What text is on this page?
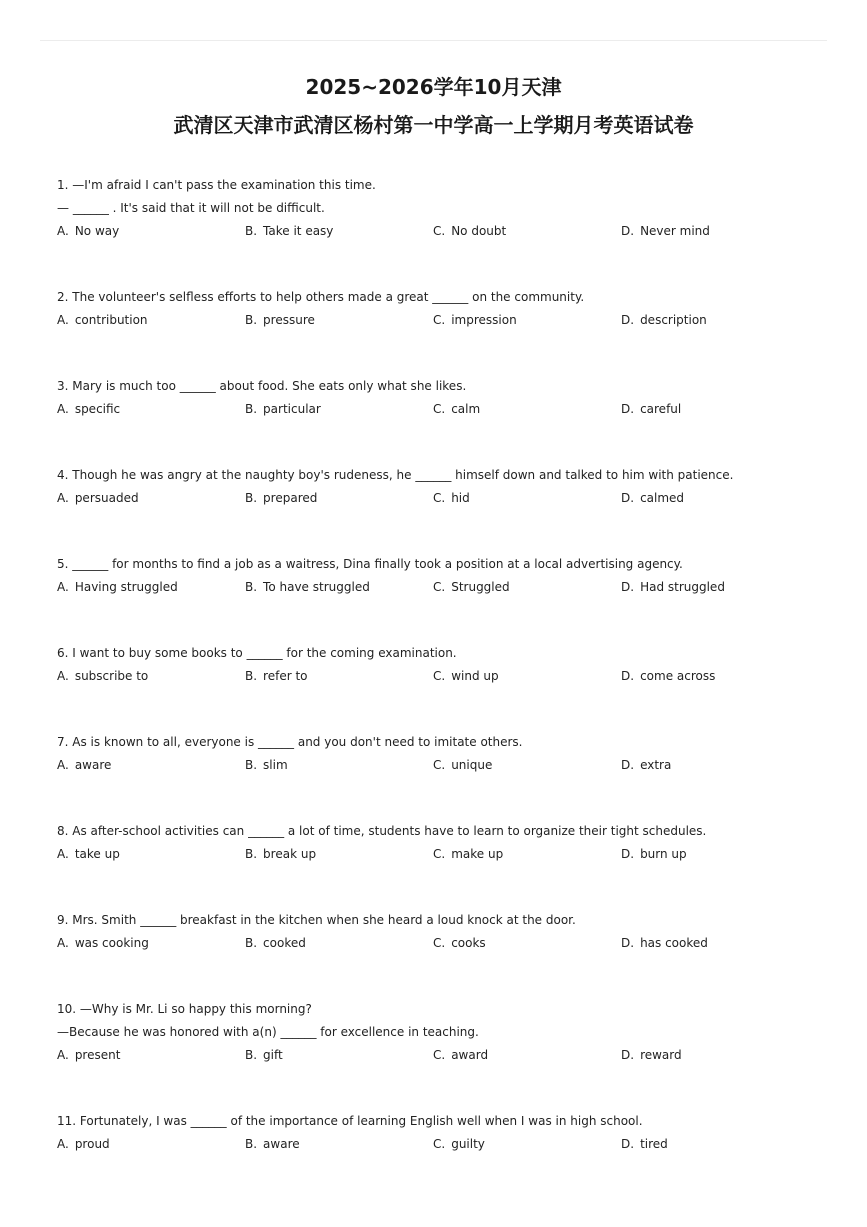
2025~2026学年10月天津
武清区天津市武清区杨村第一中学高一上学期月考英语试卷
1. —I'm afraid I can't pass the examination this time.
— ______ . It's said that it will not be difficult.
A. No way	B. Take it easy	C. No doubt	D. Never mind
2. The volunteer's selfless efforts to help others made a great ______ on the community.
A. contribution	B. pressure	C. impression	D. description
3. Mary is much too ______ about food. She eats only what she likes.
A. specific	B. particular	C. calm	D. careful
4. Though he was angry at the naughty boy's rudeness, he ______ himself down and talked to him with patience.
A. persuaded	B. prepared	C. hid	D. calmed
5. ______ for months to find a job as a waitress, Dina finally took a position at a local advertising agency.
A. Having struggled	B. To have struggled	C. Struggled	D. Had struggled
6. I want to buy some books to ______ for the coming examination.
A. subscribe to	B. refer to	C. wind up	D. come across
7. As is known to all, everyone is ______ and you don't need to imitate others.
A. aware	B. slim	C. unique	D. extra
8. As after-school activities can ______ a lot of time, students have to learn to organize their tight schedules.
A. take up	B. break up	C. make up	D. burn up
9. Mrs. Smith ______ breakfast in the kitchen when she heard a loud knock at the door.
A. was cooking	B. cooked	C. cooks	D. has cooked
10. —Why is Mr. Li so happy this morning?
—Because he was honored with a(n) ______ for excellence in teaching.
A. present	B. gift	C. award	D. reward
11. Fortunately, I was ______ of the importance of learning English well when I was in high school.
A. proud	B. aware	C. guilty	D. tired
